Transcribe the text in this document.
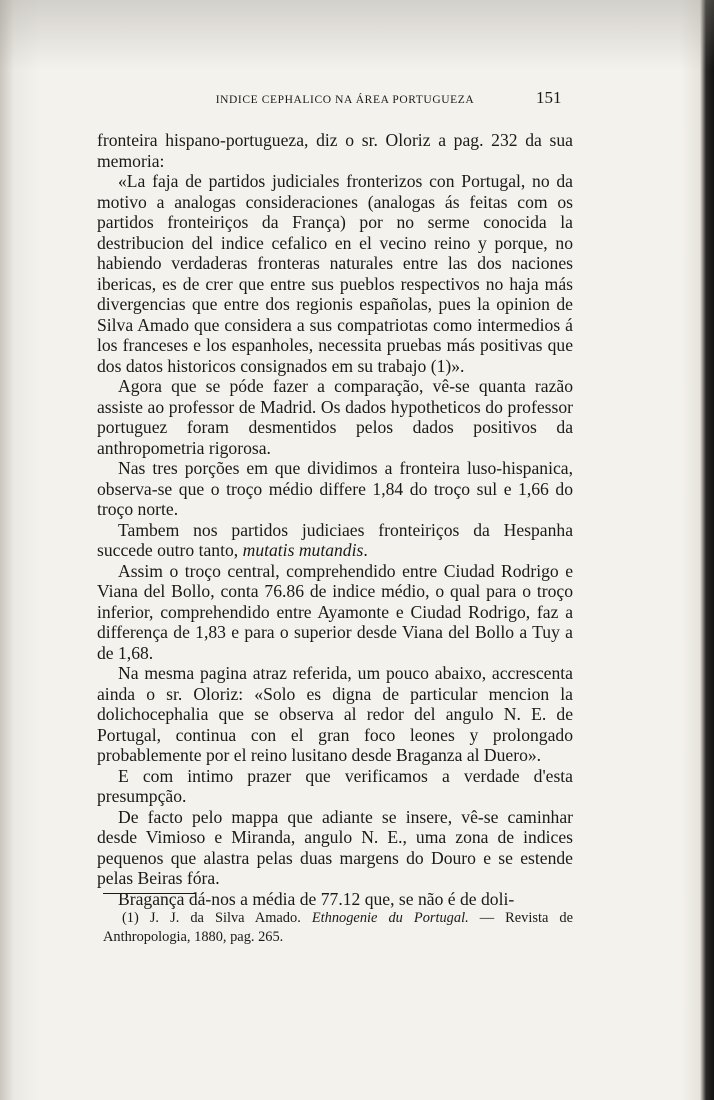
INDICE CEPHALICO NA ÁREA PORTUGUEZA	151

fronteira hispano-portugueza, diz o sr. Oloriz a pag. 232 da sua memoria:

«La faja de partidos judiciales fronterizos con Portugal, no da motivo a analogas consideraciones (analogas ás feitas com os partidos fronteiriços da França) por no serme conocida la destribucion del indice cefalico en el vecino reino y porque, no habiendo verdaderas fronteras naturales entre las dos naciones ibericas, es de crer que entre sus pueblos respectivos no haja más divergencias que entre dos regionis españolas, pues la opinion de Silva Amado que considera a sus compatriotas como intermedios á los franceses e los espanholes, necessita pruebas más positivas que dos datos historicos consignados em su trabajo (1)».

Agora que se póde fazer a comparação, vê-se quanta razão assiste ao professor de Madrid. Os dados hypotheticos do professor portuguez foram desmentidos pelos dados positivos da anthropometria rigorosa.

Nas tres porções em que dividimos a fronteira luso-hispanica, observa-se que o troço médio differe 1,84 do troço sul e 1,66 do troço norte.

Tambem nos partidos judiciaes fronteiriços da Hespanha succede outro tanto, mutatis mutandis.

Assim o troço central, comprehendido entre Ciudad Rodrigo e Viana del Bollo, conta 76.86 de indice médio, o qual para o troço inferior, comprehendido entre Ayamonte e Ciudad Rodrigo, faz a differença de 1,83 e para o superior desde Viana del Bollo a Tuy a de 1,68.

Na mesma pagina atraz referida, um pouco abaixo, accrescenta ainda o sr. Oloriz: «Solo es digna de particular mencion la dolichocephalia que se observa al redor del angulo N. E. de Portugal, continua con el gran foco leones y prolongado probablemente por el reino lusitano desde Braganza al Duero».

E com intimo prazer que verificamos a verdade d'esta presumpção.

De facto pelo mappa que adiante se insere, vê-se caminhar desde Vimioso e Miranda, angulo N. E., uma zona de indices pequenos que alastra pelas duas margens do Douro e se estende pelas Beiras fóra.

Bragança dá-nos a média de 77.12 que, se não é de doli-

(1) J. J. da Silva Amado. Ethnogenie du Portugal. — Revista de Anthropologia, 1880, pag. 265.
